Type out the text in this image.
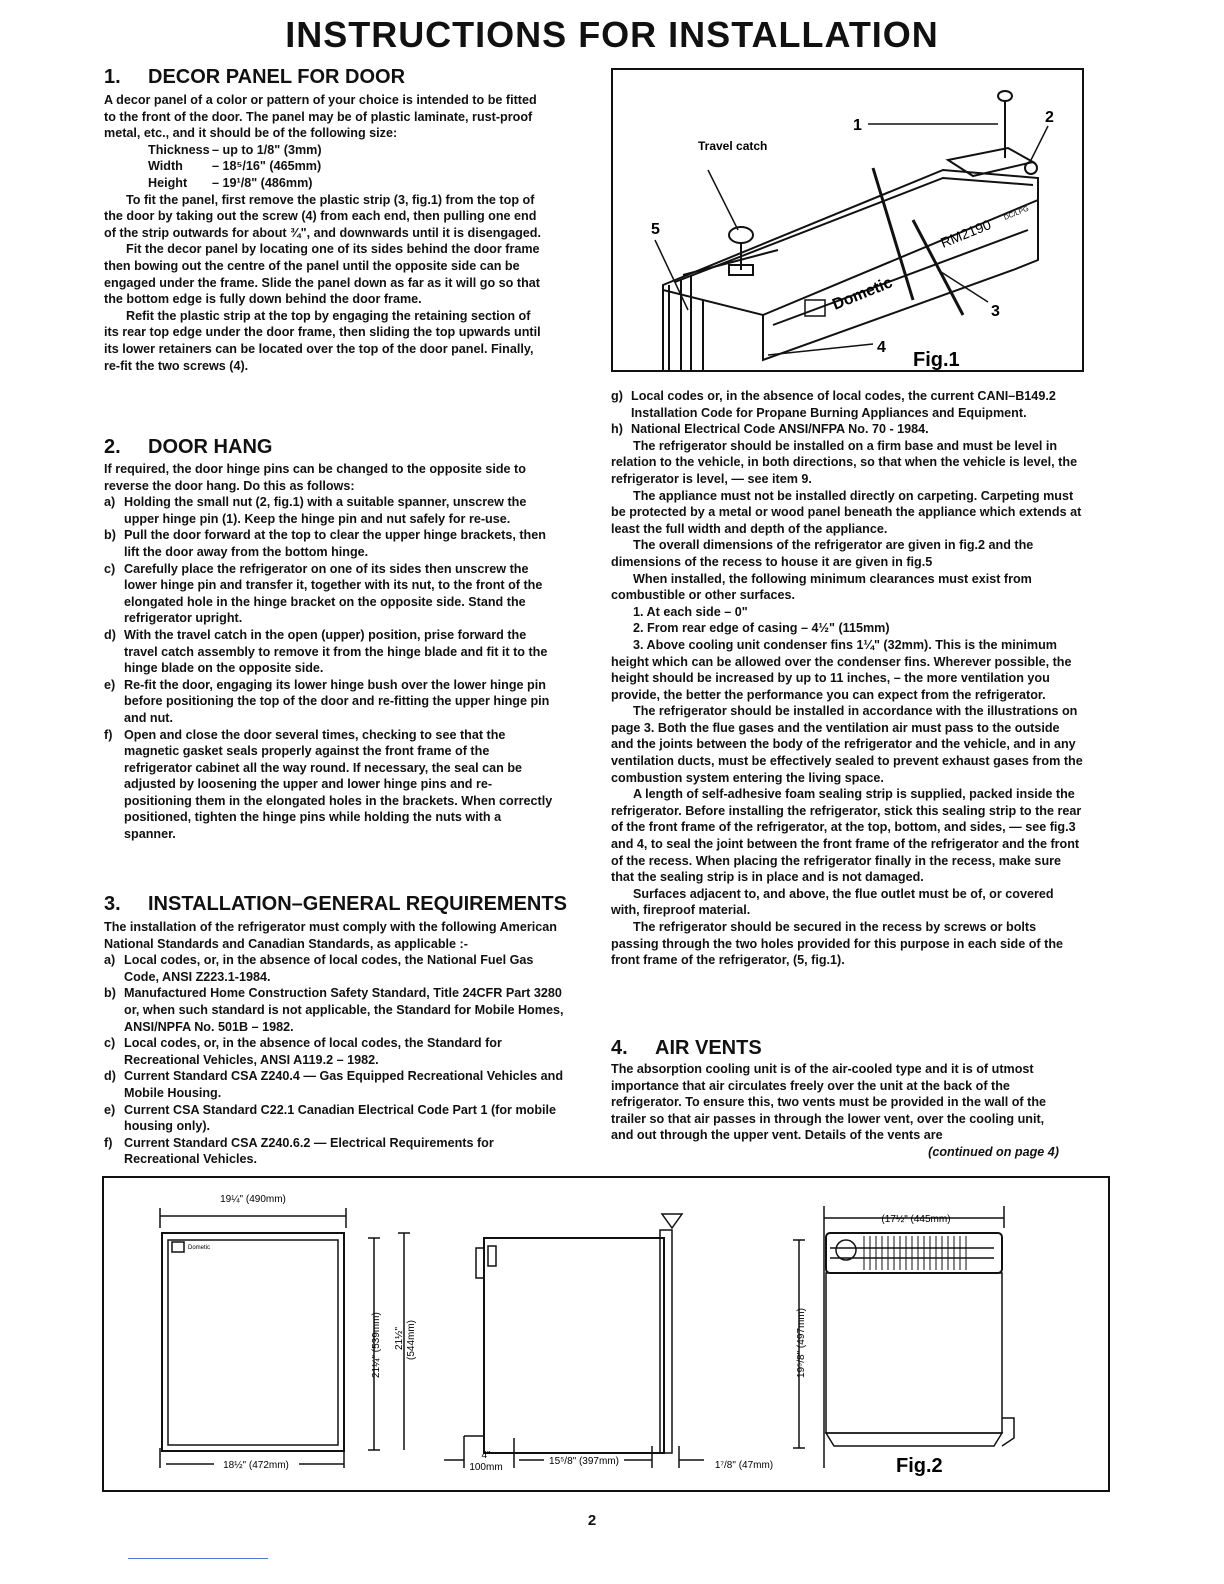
INSTRUCTIONS FOR INSTALLATION
1. DECOR PANEL FOR DOOR

A decor panel of a color or pattern of your choice is intended to be fitted to the front of the door. The panel may be of plastic laminate, rust-proof metal, etc., and it should be of the following size:

Thickness – up to 1/8" (3mm)
Width	– 18⁵/16" (465mm)
Height	– 19¹/8" (486mm)

To fit the panel, first remove the plastic strip (3, fig.1) from the top of the door by taking out the screw (4) from each end, then pulling one end of the strip outwards for about ¾", and downwards until it is disengaged.

Fit the decor panel by locating one of its sides behind the door frame then bowing out the centre of the panel until the opposite side can be engaged under the frame. Slide the panel down as far as it will go so that the bottom edge is fully down behind the door frame.

Refit the plastic strip at the top by engaging the retaining section of its rear top edge under the door frame, then sliding the top upwards until its lower retainers can be located over the top of the door panel. Finally, re-fit the two screws (4).

2. DOOR HANG

If required, the door hinge pins can be changed to the opposite side to reverse the door hang. Do this as follows:

a) Holding the small nut (2, fig.1) with a suitable spanner, unscrew the upper hinge pin (1). Keep the hinge pin and nut safely for re-use.
b) Pull the door forward at the top to clear the upper hinge brackets, then lift the door away from the bottom hinge.
c) Carefully place the refrigerator on one of its sides then unscrew the lower hinge pin and transfer it, together with its nut, to the front of the elongated hole in the hinge bracket on the opposite side. Stand the refrigerator upright.
d) With the travel catch in the open (upper) position, prise forward the travel catch assembly to remove it from the hinge blade and fit it to the hinge blade on the opposite side.
e) Re-fit the door, engaging its lower hinge bush over the lower hinge pin before positioning the top of the door and re-fitting the upper hinge pin and nut.
f) Open and close the door several times, checking to see that the magnetic gasket seals properly against the front frame of the refrigerator cabinet all the way round. If necessary, the seal can be adjusted by loosening the upper and lower hinge pins and re-positioning them in the elongated holes in the brackets. When correctly positioned, tighten the hinge pins while holding the nuts with a spanner.
3. INSTALLATION–GENERAL REQUIREMENTS

The installation of the refrigerator must comply with the following American National Standards and Canadian Standards, as applicable :-

a) Local codes, or, in the absence of local codes, the National Fuel Gas Code, ANSI Z223.1-1984.
b) Manufactured Home Construction Safety Standard, Title 24CFR Part 3280 or, when such standard is not applicable, the Standard for Mobile Homes, ANSI/NPFA No. 501B – 1982.
c) Local codes, or, in the absence of local codes, the Standard for Recreational Vehicles, ANSI A119.2 – 1982.
d) Current Standard CSA Z240.4 — Gas Equipped Recreational Vehicles and Mobile Housing.
e) Current CSA Standard C22.1 Canadian Electrical Code Part 1 (for mobile housing only).
f) Current Standard CSA Z240.6.2 — Electrical Requirements for Recreational Vehicles.
g) Local codes or, in the absence of local codes, the current CANI–B149.2 Installation Code for Propane Burning Appliances and Equipment.
h) National Electrical Code ANSI/NFPA No. 70 - 1984.

The refrigerator should be installed on a firm base and must be level in relation to the vehicle, in both directions, so that when the vehicle is level, the refrigerator is level, — see item 9.

The appliance must not be installed directly on carpeting. Carpeting must be protected by a metal or wood panel beneath the appliance which extends at least the full width and depth of the appliance.

The overall dimensions of the refrigerator are given in fig.2 and the dimensions of the recess to house it are given in fig.5

When installed, the following minimum clearances must exist from combustible or other surfaces.

1. At each side – 0"

2. From rear edge of casing – 4½" (115mm)

3. Above cooling unit condenser fins 1¼" (32mm). This is the minimum height which can be allowed over the condenser fins. Wherever possible, the height should be increased by up to 11 inches, – the more ventilation you provide, the better the performance you can expect from the refrigerator.

The refrigerator should be installed in accordance with the illustrations on page 3. Both the flue gases and the ventilation air must pass to the outside and the joints between the body of the refrigerator and the vehicle, and in any ventilation ducts, must be effectively sealed to prevent exhaust gases from the combustion system entering the living space.

A length of self-adhesive foam sealing strip is supplied, packed inside the refrigerator. Before installing the refrigerator, stick this sealing strip to the rear of the front frame of the refrigerator, at the top, bottom, and sides, — see fig.3 and 4, to seal the joint between the front frame of the refrigerator and the front of the recess. When placing the refrigerator finally in the recess, make sure that the sealing strip is in place and is not damaged.

Surfaces adjacent to, and above, the flue outlet must be of, or covered with, fireproof material.

The refrigerator should be secured in the recess by screws or bolts passing through the two holes provided for this purpose in each side of the front frame of the refrigerator, (5, fig.1).

4. AIR VENTS

The absorption cooling unit is of the air-cooled type and it is of utmost importance that air circulates freely over the unit at the back of the refrigerator. To ensure this, two vents must be provided in the wall of the trailer so that air passes in through the lower vent, over the cooling unit, and out through the upper vent. Details of the vents are

(continued on page 4)

Travel catch
1	2
3
4
5	RM2190
DC/LPG
Dometic
Fig.1
Dometic
19¼" (490mm)
18½" (472mm)
21¼" (539mm) 21½" (544mm)
4"
100mm
15⁵/8" (397mm)	1⁷/8" (47mm)
(17½" (445mm)
19⁵/8" (497mm)
Fig.2
2
